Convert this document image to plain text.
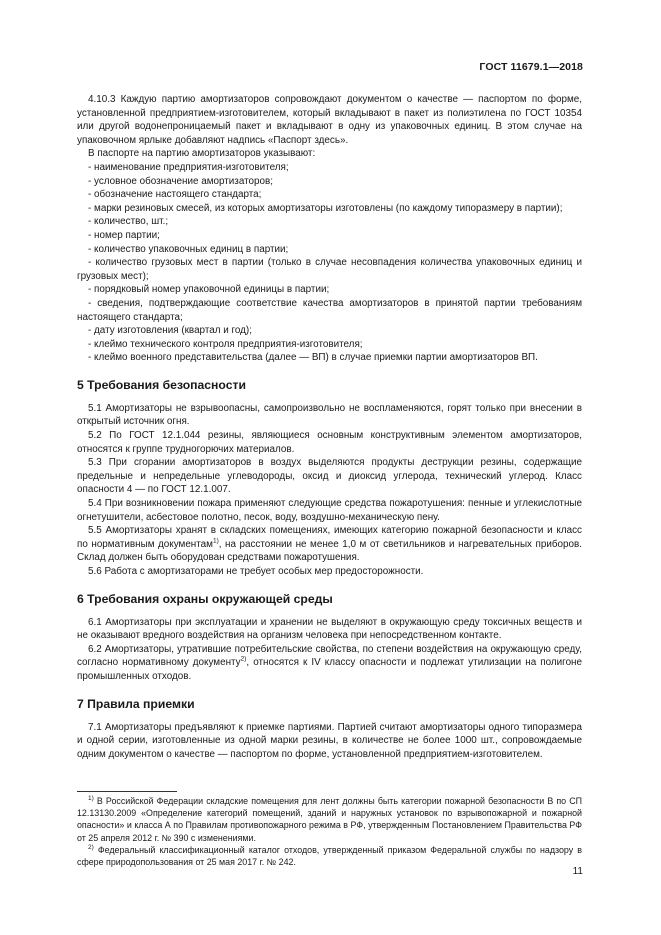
ГОСТ 11679.1—2018

4.10.3 Каждую партию амортизаторов сопровождают документом о качестве — паспортом по форме, установленной предприятием-изготовителем, который вкладывают в пакет из полиэтилена по ГОСТ 10354 или другой водонепроницаемый пакет и вкладывают в одну из упаковочных единиц. В этом случае на упаковочном ярлыке добавляют надпись «Паспорт здесь».

В паспорте на партию амортизаторов указывают:

- наименование предприятия-изготовителя;

- условное обозначение амортизаторов;

- обозначение настоящего стандарта;

- марки резиновых смесей, из которых амортизаторы изготовлены (по каждому типоразмеру в партии);

- количество, шт.;

- номер партии;

- количество упаковочных единиц в партии;

- количество грузовых мест в партии (только в случае несовпадения количества упаковочных единиц и грузовых мест);

- порядковый номер упаковочной единицы в партии;

- сведения, подтверждающие соответствие качества амортизаторов в принятой партии требованиям настоящего стандарта;

- дату изготовления (квартал и год);

- клеймо технического контроля предприятия-изготовителя;

- клеймо военного представительства (далее — ВП) в случае приемки партии амортизаторов ВП.

5 Требования безопасности

5.1 Амортизаторы не взрывоопасны, самопроизвольно не воспламеняются, горят только при внесении в открытый источник огня.

5.2 По ГОСТ 12.1.044 резины, являющиеся основным конструктивным элементом амортизаторов, относятся к группе трудногорючих материалов.

5.3 При сгорании амортизаторов в воздух выделяются продукты деструкции резины, содержащие предельные и непредельные углеводороды, оксид и диоксид углерода, технический углерод. Класс опасности 4 — по ГОСТ 12.1.007.

5.4 При возникновении пожара применяют следующие средства пожаротушения: пенные и углекислотные огнетушители, асбестовое полотно, песок, воду, воздушно-механическую пену.

5.5 Амортизаторы хранят в складских помещениях, имеющих категорию пожарной безопасности и класс по нормативным документам$^{1)}$, на расстоянии не менее 1,0 м от светильников и нагревательных приборов. Склад должен быть оборудован средствами пожаротушения.

5.6 Работа с амортизаторами не требует особых мер предосторожности.

6 Требования охраны окружающей среды

6.1 Амортизаторы при эксплуатации и хранении не выделяют в окружающую среду токсичных веществ и не оказывают вредного воздействия на организм человека при непосредственном контакте.

6.2 Амортизаторы, утратившие потребительские свойства, по степени воздействия на окружающую среду, согласно нормативному документу$^{2)}$, относятся к IV классу опасности и подлежат утилизации на полигоне промышленных отходов.

7 Правила приемки

7.1 Амортизаторы предъявляют к приемке партиями. Партией считают амортизаторы одного типоразмера и одной серии, изготовленные из одной марки резины, в количестве не более 1000 шт., сопровождаемые одним документом о качестве — паспортом по форме, установленной предприятием-изготовителем.

$^{1)}$ В Российской Федерации складские помещения для лент должны быть категории пожарной безопасности В по СП 12.13130.2009 «Определение категорий помещений, зданий и наружных установок по взрывопожарной и пожарной опасности» и класса А по Правилам противопожарного режима в РФ, утвержденным Постановлением Правительства РФ от 25 апреля 2012 г. № 390 с изменениями.

$^{2)}$ Федеральный классификационный каталог отходов, утвержденный приказом Федеральной службы по надзору в сфере природопользования от 25 мая 2017 г. № 242.

11
